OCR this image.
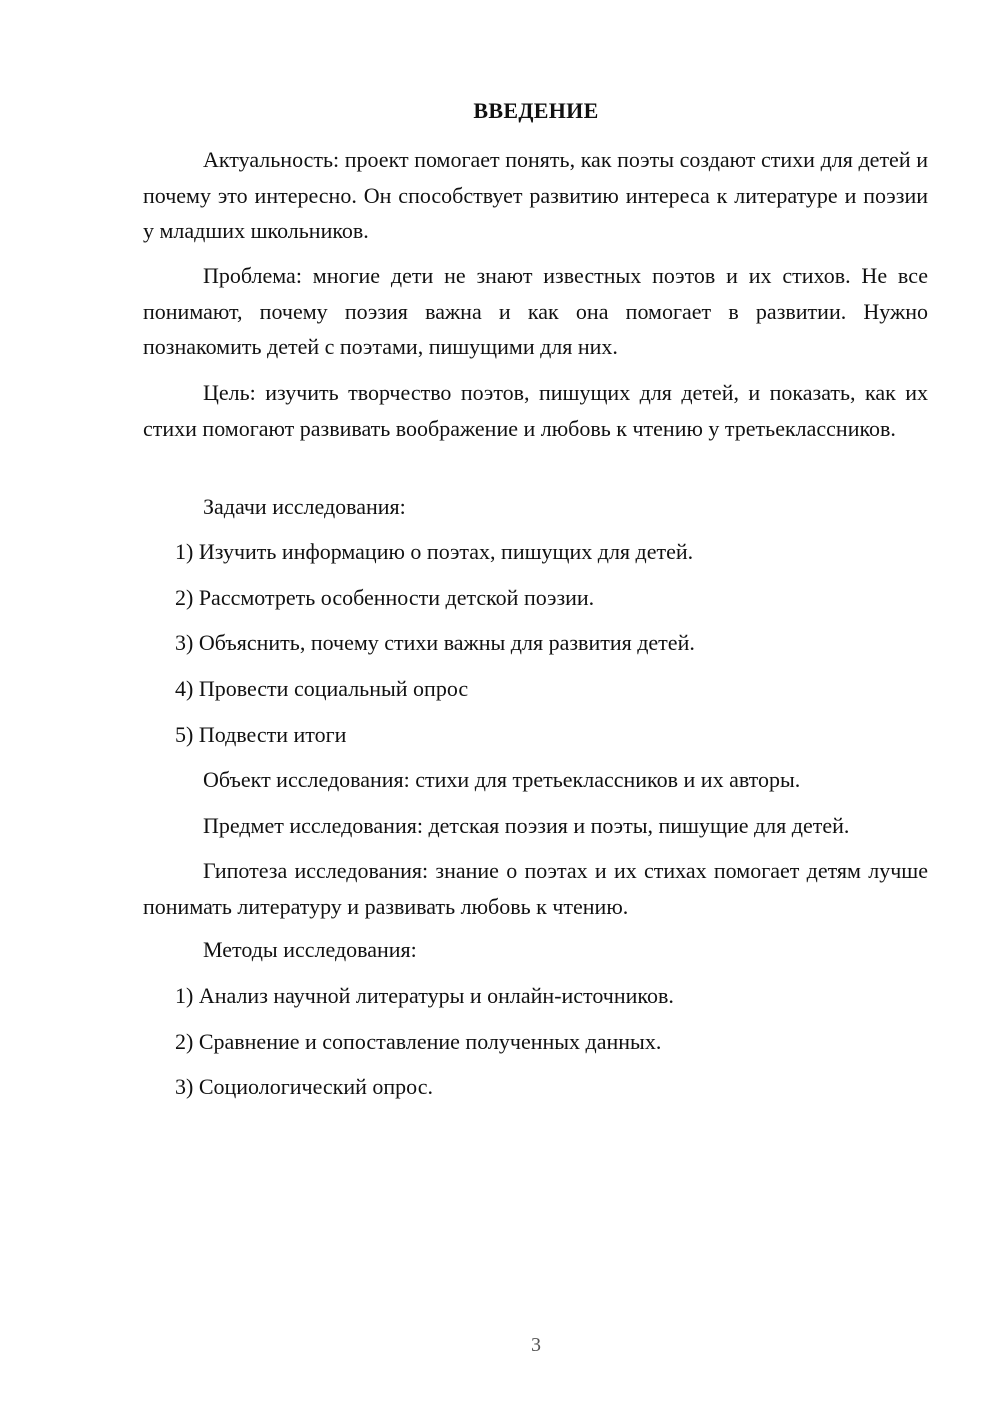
ВВЕДЕНИЕ

Актуальность: проект помогает понять, как поэты создают стихи для детей и почему это интересно. Он способствует развитию интереса к литературе и поэзии у младших школьников.

Проблема: многие дети не знают известных поэтов и их стихов. Не все понимают, почему поэзия важна и как она помогает в развитии. Нужно познакомить детей с поэтами, пишущими для них.

Цель: изучить творчество поэтов, пишущих для детей, и показать, как их стихи помогают развивать воображение и любовь к чтению у третьеклассников.

Задачи исследования:

1) Изучить информацию о поэтах, пишущих для детей.

2) Рассмотреть особенности детской поэзии.

3) Объяснить, почему стихи важны для развития детей.

4) Провести социальный опрос

5) Подвести итоги

Объект исследования: стихи для третьеклассников и их авторы.

Предмет исследования: детская поэзия и поэты, пишущие для детей.

Гипотеза исследования: знание о поэтах и их стихах помогает детям лучше понимать литературу и развивать любовь к чтению.

Методы исследования:

1) Анализ научной литературы и онлайн-источников.

2) Сравнение и сопоставление полученных данных.

3) Социологический опрос.

3
